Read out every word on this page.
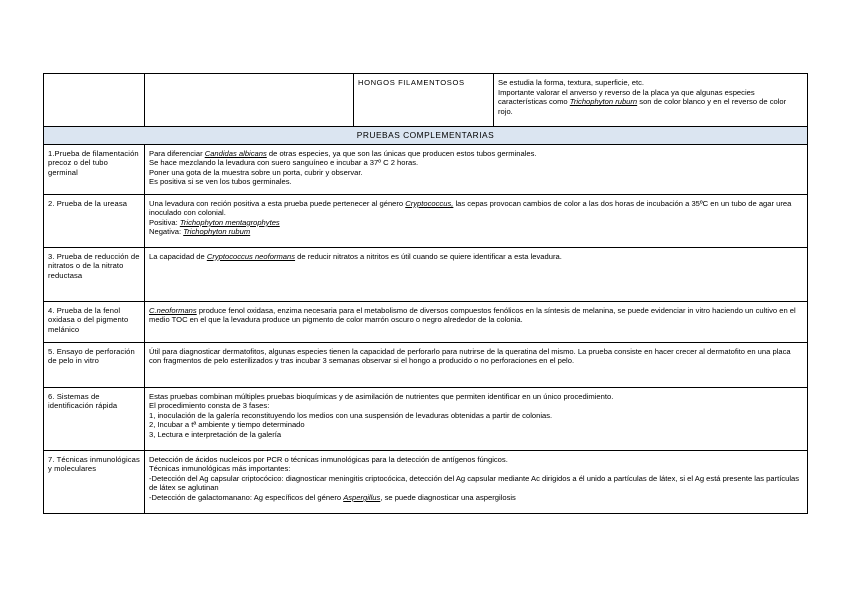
		HONGOS FILAMENTOSOS	Se estudia la forma, textura, superficie, etc.
Importante valorar el anverso y reverso de la placa ya que algunas especies características como Trichophyton ruburn son de color blanco y en el reverso de color rojo.

PRUEBAS COMPLEMENTARIAS			
1.Prueba de filamentación precoz o del tubo germinal	Para diferenciar Candidas albicans de otras especies, ya que son las únicas que producen estos tubos germinales.
Se hace mezclando la levadura con suero sanguíneo e incubar a 37º C 2 horas.
Poner una gota de la muestra sobre un porta, cubrir y observar.
Es positiva si se ven los tubos germinales.		

2. Prueba de la ureasa	Una levadura con reción positiva a esta prueba puede pertenecer al género Cryptococcus, las cepas provocan cambios de color a las dos horas de incubación a 35ºC en un tubo de agar urea inoculado con colonial.
Positiva: Trichophyton mentagrophytes
Negativa: Trichophyton rubum		

3. Prueba de reducción de nitratos o de la nitrato reductasa	La capacidad de Cryptococcus neoformans de reducir nitratos a nitritos es útil cuando se quiere identificar a esta levadura.		

4. Prueba de la fenol oxidasa o del pigmento melánico	C.neoformans produce fenol oxidasa, enzima necesaria para el metabolismo de diversos compuestos fenólicos en la síntesis de melanina, se puede evidenciar in vitro haciendo un cultivo en el medio TOC en el que la levadura produce un pigmento de color marrón oscuro o negro alrededor de la colonia.		

5. Ensayo de perforación de pelo in vitro	Útil para diagnosticar dermatofitos, algunas especies tienen la capacidad de perforarlo para nutrirse de la queratina del mismo. La prueba consiste en hacer crecer al dermatofito en una placa con fragmentos de pelo esterilizados y tras incubar 3 semanas observar si el hongo a producido o no perforaciones en el pelo.		

6. Sistemas de identificación rápida	Estas pruebas combinan múltiples pruebas bioquímicas y de asimilación de nutrientes que permiten identificar en un único procedimiento.
El procedimiento consta de 3 fases:
1, inoculación de la galería reconstituyendo los medios con una suspensión de levaduras obtenidas a partir de colonias.
2, Incubar a tª ambiente y tiempo determinado
3, Lectura e interpretación de la galería		

7. Técnicas inmunológicas y moleculares	Detección de ácidos nucleicos por PCR o técnicas inmunológicas para la detección de antígenos fúngicos.
Técnicas inmunológicas más importantes:
-Detección del Ag capsular criptocócico: diagnosticar meningitis criptocócica, detección del Ag capsular mediante Ac dirigidos a él unido a partículas de látex, si el Ag está presente las partículas de látex se aglutinan
-Detección de galactomanano: Ag específicos del género Aspergillus, se puede diagnosticar una aspergilosis		
